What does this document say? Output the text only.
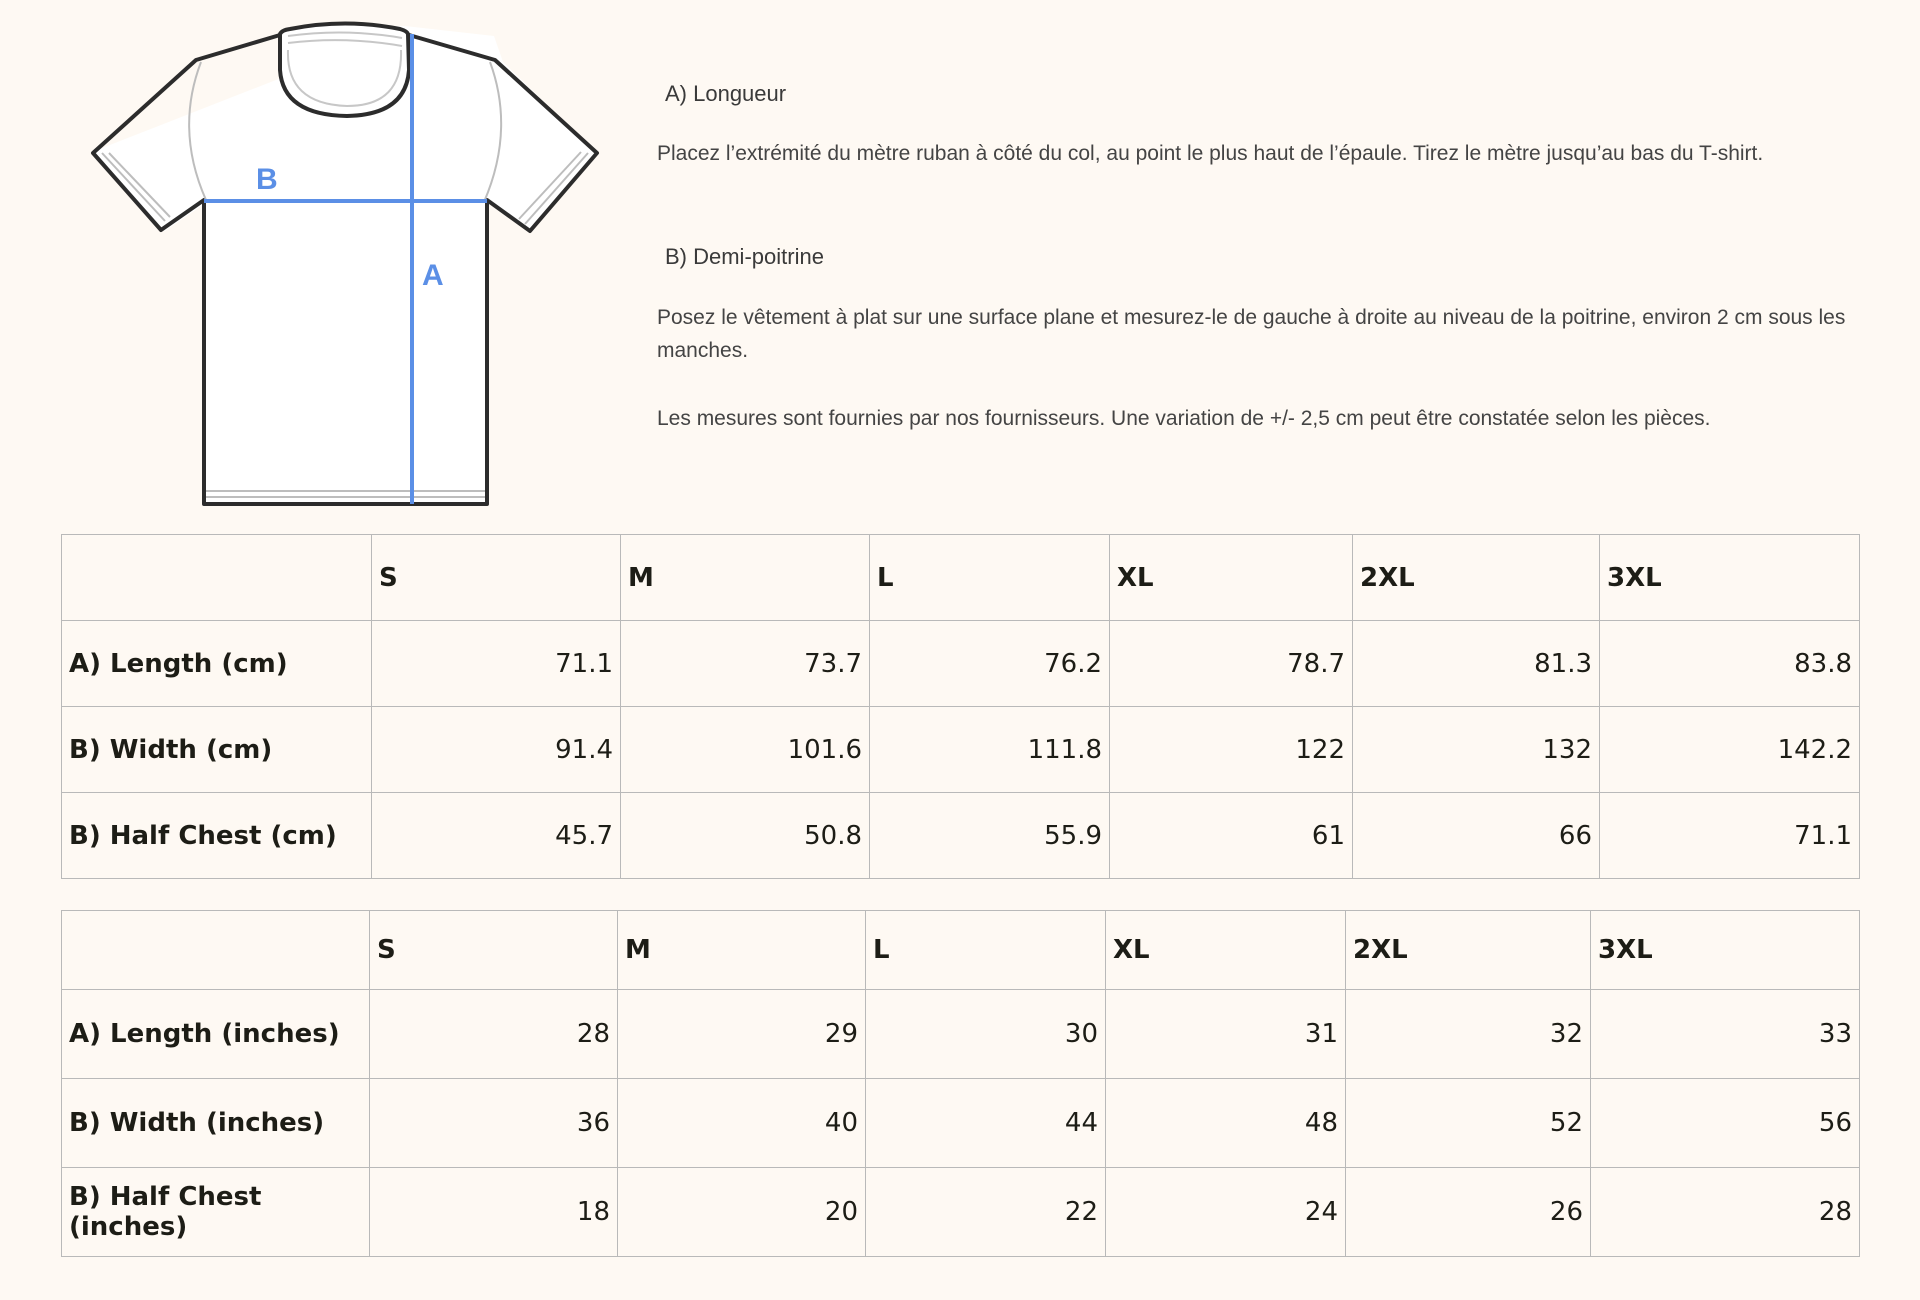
B
A
A) Longueur

Placez l’extrémité du mètre ruban à côté du col, au point le plus haut de l’épaule. Tirez le mètre jusqu’au bas du T-shirt.

B) Demi-poitrine

Posez le vêtement à plat sur une surface plane et mesurez-le de gauche à droite au niveau de la poitrine, environ 2 cm sous les manches.

Les mesures sont fournies par nos fournisseurs. Une variation de +/- 2,5 cm peut être constatée selon les pièces.

	S	M	L	XL	2XL	3XL
A) Length (cm)	71.1	73.7	76.2	78.7	81.3	83.8
B) Width (cm)	91.4	101.6	111.8	122	132	142.2
B) Half Chest (cm)	45.7	50.8	55.9	61	66	71.1
	S	M	L	XL	2XL	3XL
A) Length (inches)	28	29	30	31	32	33
B) Width (inches)	36	40	44	48	52	56
B) Half Chest (inches)	18	20	22	24	26	28
